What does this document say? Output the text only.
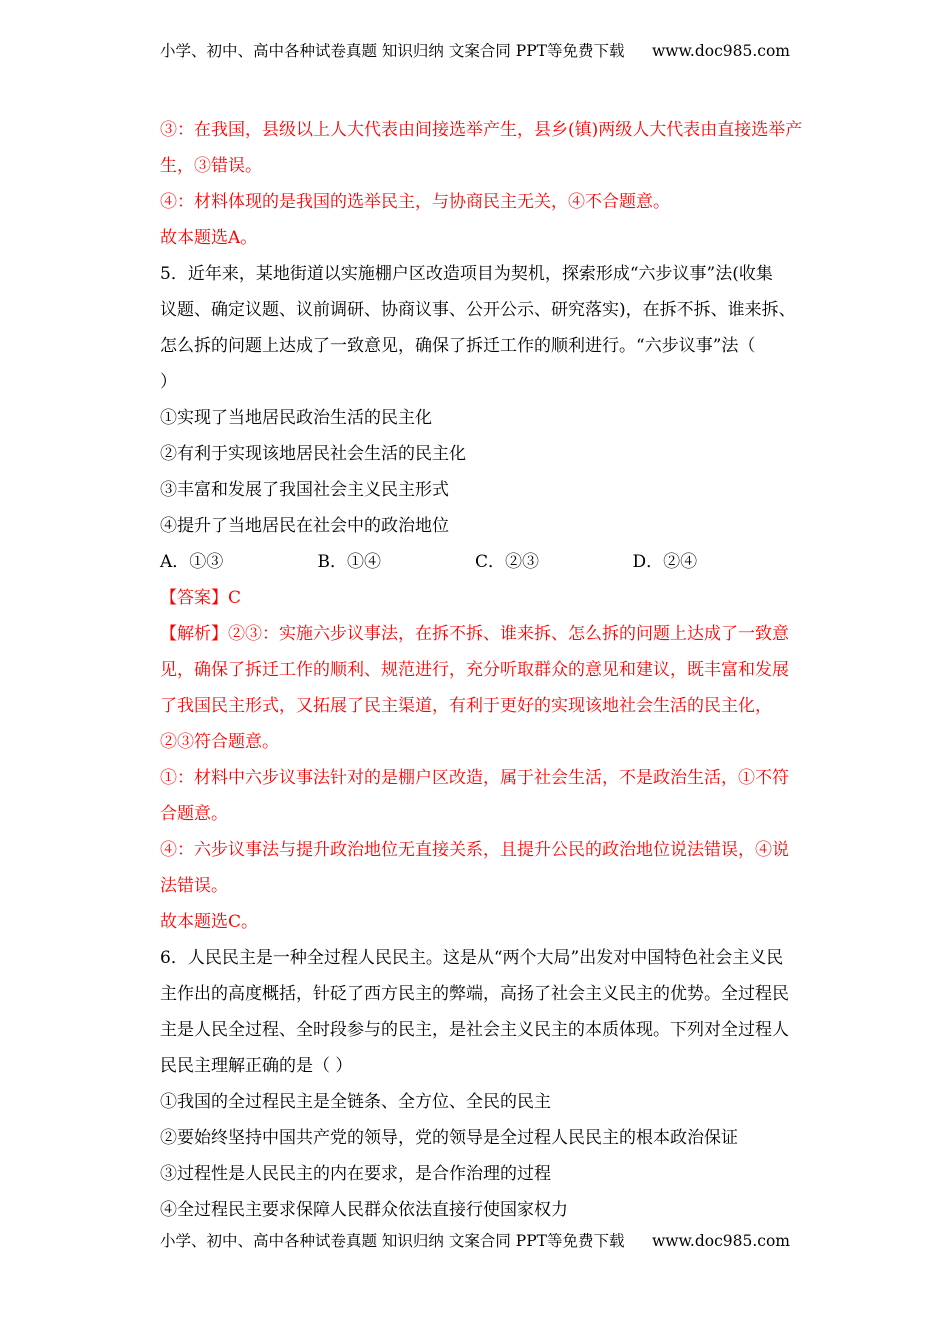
小学、初中、高中各种试卷真题 知识归纳 文案合同 PPT等免费下载 www.doc985.com

③：在我国，县级以上人大代表由间接选举产生，县乡(镇)两级人大代表由直接选举产

生，③错误。

④：材料体现的是我国的选举民主，与协商民主无关，④不合题意。

故本题选A。

5．近年来，某地街道以实施棚户区改造项目为契机，探索形成“六步议事”法(收集

议题、确定议题、议前调研、协商议事、公开公示、研究落实)，在拆不拆、谁来拆、

怎么拆的问题上达成了一致意见，确保了拆迁工作的顺利进行。“六步议事”法（

）

①实现了当地居民政治生活的民主化

②有利于实现该地居民社会生活的民主化

③丰富和发展了我国社会主义民主形式

④提升了当地居民在社会中的政治地位

A．①③	B．①④	C．②③	D．②④

【答案】C

【解析】②③：实施六步议事法，在拆不拆、谁来拆、怎么拆的问题上达成了一致意

见，确保了拆迁工作的顺利、规范进行，充分听取群众的意见和建议，既丰富和发展

了我国民主形式，又拓展了民主渠道，有利于更好的实现该地社会生活的民主化，

②③符合题意。

①：材料中六步议事法针对的是棚户区改造，属于社会生活，不是政治生活，①不符

合题意。

④：六步议事法与提升政治地位无直接关系，且提升公民的政治地位说法错误，④说

法错误。

故本题选C。

6．人民民主是一种全过程人民民主。这是从“两个大局”出发对中国特色社会主义民

主作出的高度概括，针砭了西方民主的弊端，高扬了社会主义民主的优势。全过程民

主是人民全过程、全时段参与的民主，是社会主义民主的本质体现。下列对全过程人

民民主理解正确的是（ ）

①我国的全过程民主是全链条、全方位、全民的民主

②要始终坚持中国共产党的领导，党的领导是全过程人民民主的根本政治保证

③过程性是人民民主的内在要求，是合作治理的过程

④全过程民主要求保障人民群众依法直接行使国家权力

小学、初中、高中各种试卷真题 知识归纳 文案合同 PPT等免费下载 www.doc985.com
